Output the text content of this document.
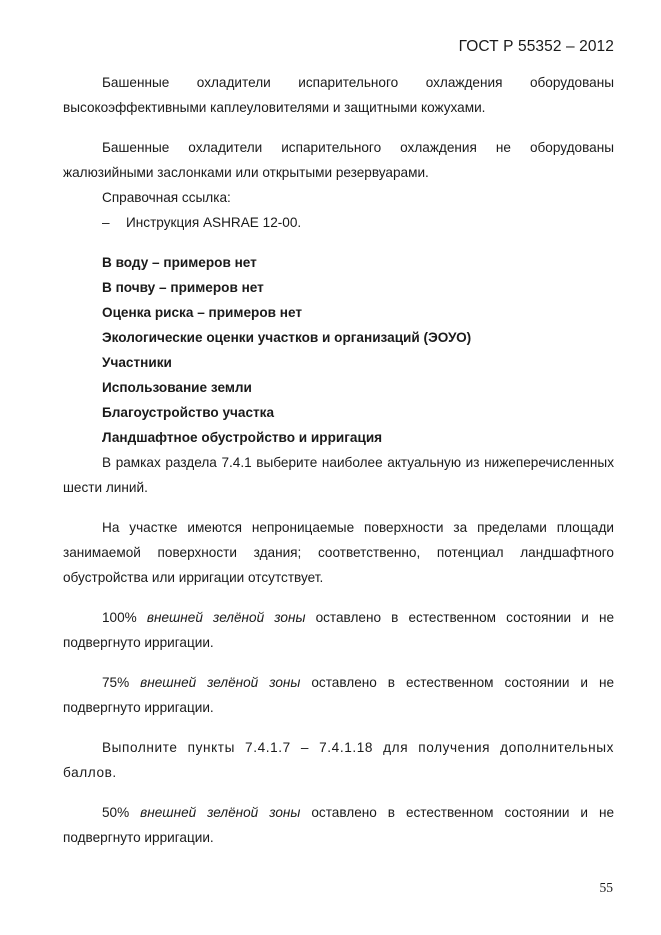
ГОСТ Р 55352 – 2012

Башенные охладители испарительного охлаждения оборудованы высокоэффективными каплеуловителями и защитными кожухами.

Башенные охладители испарительного охлаждения не оборудованы жалюзийными заслонками или открытыми резервуарами.

Справочная ссылка:

–	Инструкция ASHRAE 12-00.

В воду – примеров нет

В почву – примеров нет

Оценка риска – примеров нет

Экологические оценки участков и организаций (ЭОУО)

Участники

Использование земли

Благоустройство участка

Ландшафтное обустройство и ирригация

В рамках раздела 7.4.1 выберите наиболее актуальную из нижеперечисленных шести линий.

На участке имеются непроницаемые поверхности за пределами площади занимаемой поверхности здания; соответственно, потенциал ландшафтного обустройства или ирригации отсутствует.

100% внешней зелёной зоны оставлено в естественном состоянии и не подвергнуто ирригации.

75% внешней зелёной зоны оставлено в естественном состоянии и не подвергнуто ирригации.

Выполните пункты 7.4.1.7 – 7.4.1.18 для получения дополнительных баллов.

50% внешней зелёной зоны оставлено в естественном состоянии и не подвергнуто ирригации.

55
